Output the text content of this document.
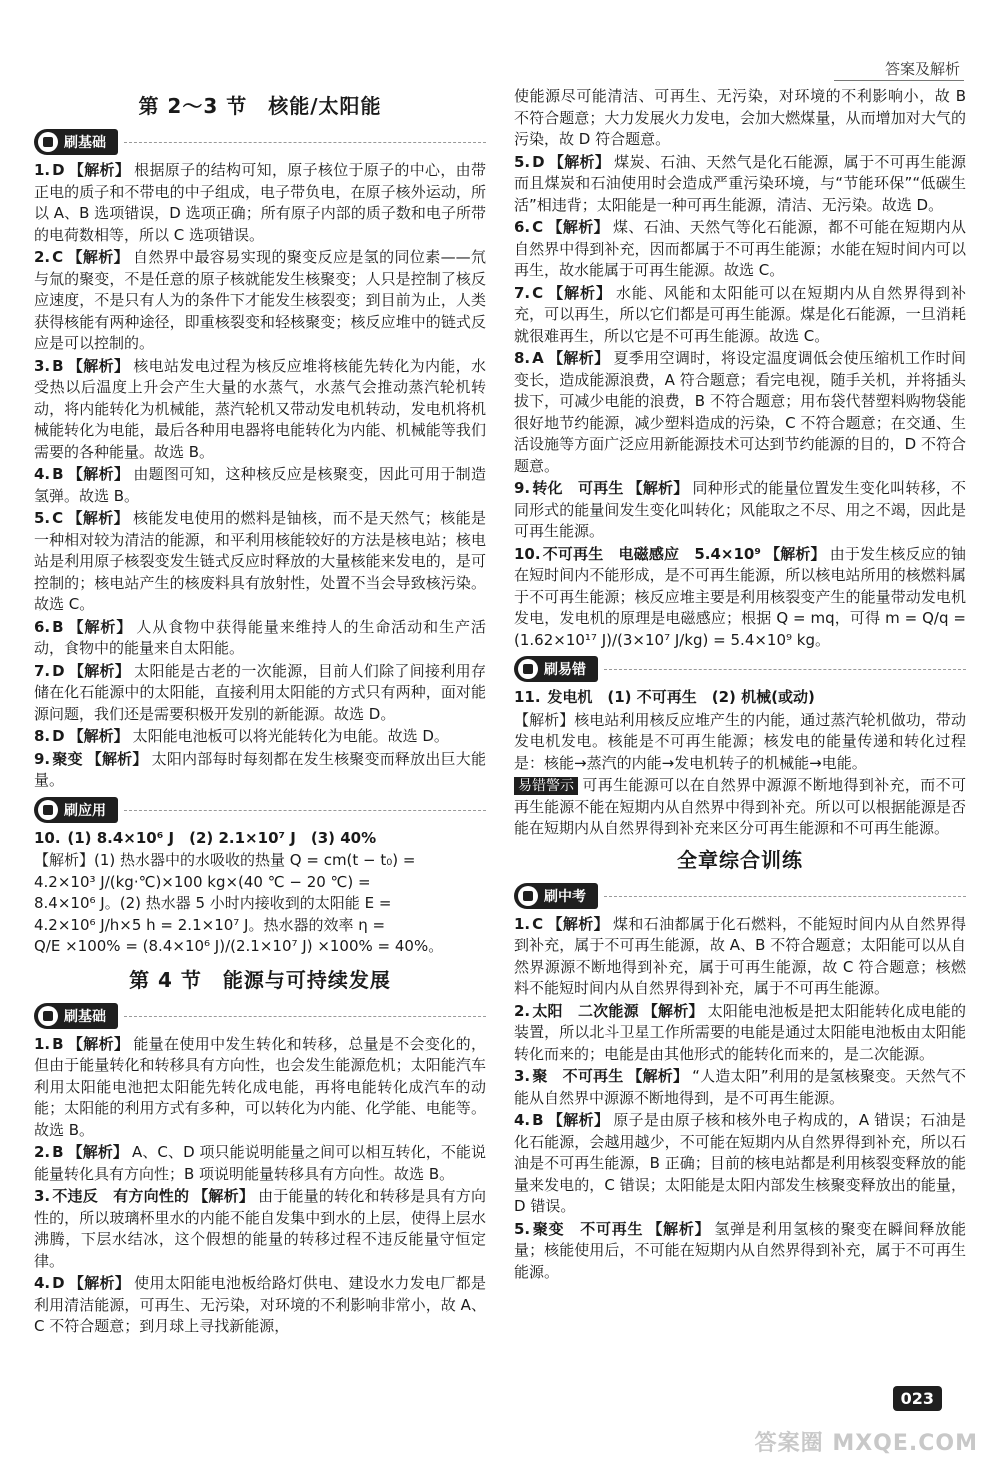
答案及解析
第 2～3 节　核能/太阳能
刷基础
1. D 【解析】 根据原子的结构可知，原子核位于原子的中心，由带正电的质子和不带电的中子组成，电子带负电，在原子核外运动，所以 A、B 选项错误，D 选项正确；所有原子内部的质子数和电子所带的电荷数相等，所以 C 选项错误。
2. C 【解析】 自然界中最容易实现的聚变反应是氢的同位素——氘与氚的聚变，不是任意的原子核就能发生核聚变；人只是控制了核反应速度，不是只有人为的条件下才能发生核裂变；到目前为止，人类获得核能有两种途径，即重核裂变和轻核聚变；核反应堆中的链式反应是可以控制的。
3. B 【解析】 核电站发电过程为核反应堆将核能先转化为内能，水受热以后温度上升会产生大量的水蒸气，水蒸气会推动蒸汽轮机转动，将内能转化为机械能，蒸汽轮机又带动发电机转动，发电机将机械能转化为电能，最后各种用电器将电能转化为内能、机械能等我们需要的各种能量。故选 B。
4. B 【解析】 由题图可知，这种核反应是核聚变，因此可用于制造氢弹。故选 B。
5. C 【解析】 核能发电使用的燃料是铀核，而不是天然气；核能是一种相对较为清洁的能源，和平利用核能较好的方法是核电站；核电站是利用原子核裂变发生链式反应时释放的大量核能来发电的，是可控制的；核电站产生的核废料具有放射性，处置不当会导致核污染。故选 C。
6. B 【解析】 人从食物中获得能量来维持人的生命活动和生产活动，食物中的能量来自太阳能。
7. D 【解析】 太阳能是古老的一次能源，目前人们除了间接利用存储在化石能源中的太阳能，直接利用太阳能的方式只有两种，面对能源问题，我们还是需要积极开发别的新能源。故选 D。
8. D 【解析】 太阳能电池板可以将光能转化为电能。故选 D。
9. 聚变 【解析】 太阳内部每时每刻都在发生核聚变而释放出巨大能量。
刷应用
10. (1) 8.4×10⁶ J　(2) 2.1×10⁷ J　(3) 40%
【解析】(1) 热水器中的水吸收的热量 Q = cm(t − t₀) =
4.2×10³ J/(kg·℃)×100 kg×(40 ℃ − 20 ℃) =
8.4×10⁶ J。(2) 热水器 5 小时内接收到的太阳能 E =
4.2×10⁶ J/h×5 h = 2.1×10⁷ J。热水器的效率 η =
Q/E ×100% = (8.4×10⁶ J)/(2.1×10⁷ J) ×100% = 40%。
第 4 节　能源与可持续发展
刷基础
1. B 【解析】 能量在使用中发生转化和转移，总量是不会变化的，但由于能量转化和转移具有方向性，也会发生能源危机；太阳能汽车利用太阳能电池把太阳能先转化成电能，再将电能转化成汽车的动能；太阳能的利用方式有多种，可以转化为内能、化学能、电能等。故选 B。
2. B 【解析】 A、C、D 项只能说明能量之间可以相互转化，不能说能量转化具有方向性；B 项说明能量转移具有方向性。故选 B。
3. 不违反　有方向性的 【解析】 由于能量的转化和转移是具有方向性的，所以玻璃杯里水的内能不能自发集中到水的上层，使得上层水沸腾，下层水结冰，这个假想的能量的转移过程不违反能量守恒定律。
4. D 【解析】 使用太阳能电池板给路灯供电、建设水力发电厂都是利用清洁能源，可再生、无污染，对环境的不利影响非常小，故 A、C 不符合题意；到月球上寻找新能源，
使能源尽可能清洁、可再生、无污染，对环境的不利影响小，故 B 不符合题意；大力发展火力发电，会加大燃煤量，从而增加对大气的污染，故 D 符合题意。
5. D 【解析】 煤炭、石油、天然气是化石能源，属于不可再生能源而且煤炭和石油使用时会造成严重污染环境，与“节能环保”“低碳生活”相违背；太阳能是一种可再生能源，清洁、无污染。故选 D。
6. C 【解析】 煤、石油、天然气等化石能源，都不可能在短期内从自然界中得到补充，因而都属于不可再生能源；水能在短时间内可以再生，故水能属于可再生能源。故选 C。
7. C 【解析】 水能、风能和太阳能可以在短期内从自然界得到补充，可以再生，所以它们都是可再生能源。煤是化石能源，一旦消耗就很难再生，所以它是不可再生能源。故选 C。
8. A 【解析】 夏季用空调时，将设定温度调低会使压缩机工作时间变长，造成能源浪费，A 符合题意；看完电视，随手关机，并将插头拔下，可减少电能的浪费，B 不符合题意；用布袋代替塑料购物袋能很好地节约能源，减少塑料造成的污染，C 不符合题意；在交通、生活设施等方面广泛应用新能源技术可达到节约能源的目的，D 不符合题意。
9. 转化　可再生 【解析】 同种形式的能量位置发生变化叫转移，不同形式的能量间发生变化叫转化；风能取之不尽、用之不竭，因此是可再生能源。
10. 不可再生　电磁感应　5.4×10⁹ 【解析】 由于发生核反应的铀在短时间内不能形成，是不可再生能源，所以核电站所用的核燃料属于不可再生能源；核反应堆主要是利用核裂变产生的能量带动发电机发电，发电机的原理是电磁感应；根据 Q = mq，可得 m = Q/q = (1.62×10¹⁷ J)/(3×10⁷ J/kg) = 5.4×10⁹ kg。
刷易错
11. 发电机　(1) 不可再生　(2) 机械(或动)
【解析】核电站利用核反应堆产生的内能，通过蒸汽轮机做功，带动发电机发电。核能是不可再生能源；核发电的能量传递和转化过程是：核能→蒸汽的内能→发电机转子的机械能→电能。
易错警示 可再生能源可以在自然界中源源不断地得到补充，而不可再生能源不能在短期内从自然界中得到补充。所以可以根据能源是否能在短期内从自然界得到补充来区分可再生能源和不可再生能源。
全章综合训练
刷中考
1. C 【解析】 煤和石油都属于化石燃料，不能短时间内从自然界得到补充，属于不可再生能源，故 A、B 不符合题意；太阳能可以从自然界源源不断地得到补充，属于可再生能源，故 C 符合题意；核燃料不能短时间内从自然界得到补充，属于不可再生能源。
2. 太阳　二次能源 【解析】 太阳能电池板是把太阳能转化成电能的装置，所以北斗卫星工作所需要的电能是通过太阳能电池板由太阳能转化而来的；电能是由其他形式的能转化而来的，是二次能源。
3. 聚　不可再生 【解析】 “人造太阳”利用的是氢核聚变。天然气不能从自然界中源源不断地得到，是不可再生能源。
4. B 【解析】 原子是由原子核和核外电子构成的，A 错误；石油是化石能源，会越用越少，不可能在短期内从自然界得到补充，所以石油是不可再生能源，B 正确；目前的核电站都是利用核裂变释放的能量来发电的，C 错误；太阳能是太阳内部发生核聚变释放出的能量，D 错误。
5. 聚变　不可再生 【解析】 氢弹是利用氢核的聚变在瞬间释放能量；核能使用后，不可能在短期内从自然界得到补充，属于不可再生能源。
023
答案圈 MXQE.COM
